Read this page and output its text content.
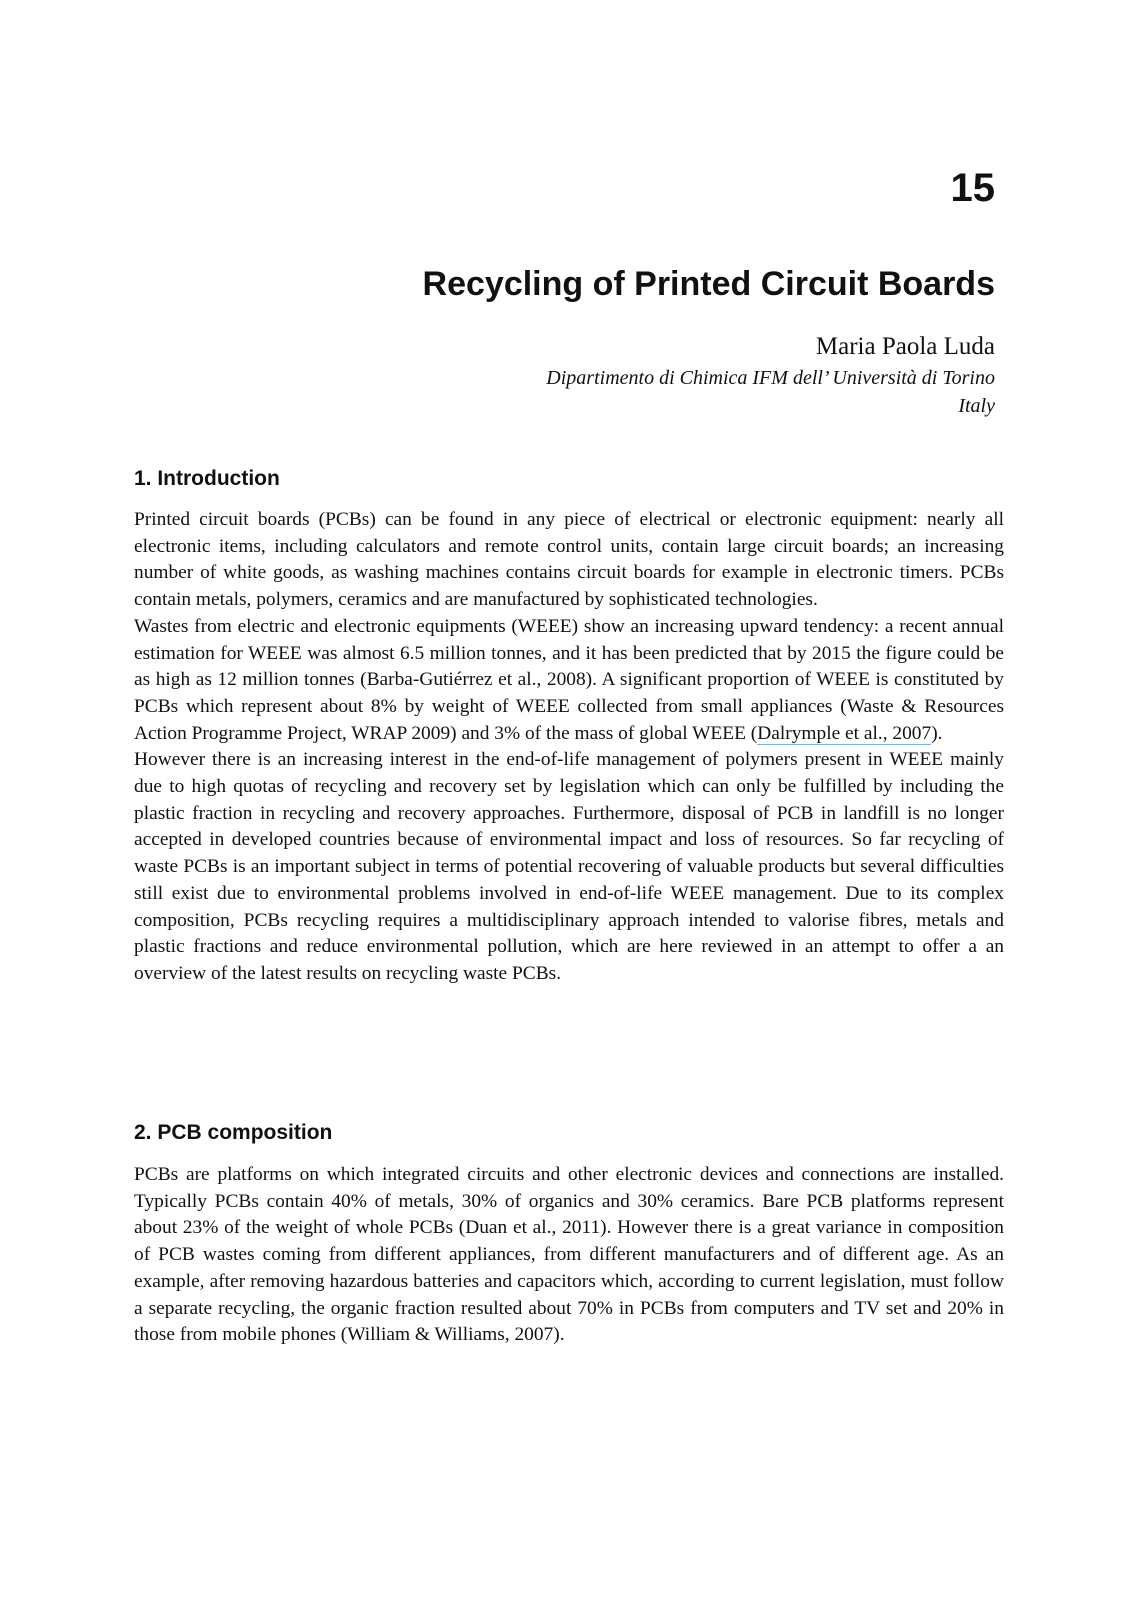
15
Recycling of Printed Circuit Boards
Maria Paola Luda
Dipartimento di Chimica IFM dell’ Università di Torino
Italy
1. Introduction

Printed circuit boards (PCBs) can be found in any piece of electrical or electronic equipment: nearly all electronic items, including calculators and remote control units, contain large circuit boards; an increasing number of white goods, as washing machines contains circuit boards for example in electronic timers. PCBs contain metals, polymers, ceramics and are manufactured by sophisticated technologies.

Wastes from electric and electronic equipments (WEEE) show an increasing upward tendency: a recent annual estimation for WEEE was almost 6.5 million tonnes, and it has been predicted that by 2015 the figure could be as high as 12 million tonnes (Barba-Gutiérrez et al., 2008). A significant proportion of WEEE is constituted by PCBs which represent about 8% by weight of WEEE collected from small appliances (Waste & Resources Action Programme Project, WRAP 2009) and 3% of the mass of global WEEE (Dalrymple et al., 2007).

However there is an increasing interest in the end-of-life management of polymers present in WEEE mainly due to high quotas of recycling and recovery set by legislation which can only be fulfilled by including the plastic fraction in recycling and recovery approaches. Furthermore, disposal of PCB in landfill is no longer accepted in developed countries because of environmental impact and loss of resources. So far recycling of waste PCBs is an important subject in terms of potential recovering of valuable products but several difficulties still exist due to environmental problems involved in end-of-life WEEE management. Due to its complex composition, PCBs recycling requires a multidisciplinary approach intended to valorise fibres, metals and plastic fractions and reduce environmental pollution, which are here reviewed in an attempt to offer a an overview of the latest results on recycling waste PCBs.

2. PCB composition

PCBs are platforms on which integrated circuits and other electronic devices and connections are installed. Typically PCBs contain 40% of metals, 30% of organics and 30% ceramics. Bare PCB platforms represent about 23% of the weight of whole PCBs (Duan et al., 2011). However there is a great variance in composition of PCB wastes coming from different appliances, from different manufacturers and of different age. As an example, after removing hazardous batteries and capacitors which, according to current legislation, must follow a separate recycling, the organic fraction resulted about 70% in PCBs from computers and TV set and 20% in those from mobile phones (William & Williams, 2007).
